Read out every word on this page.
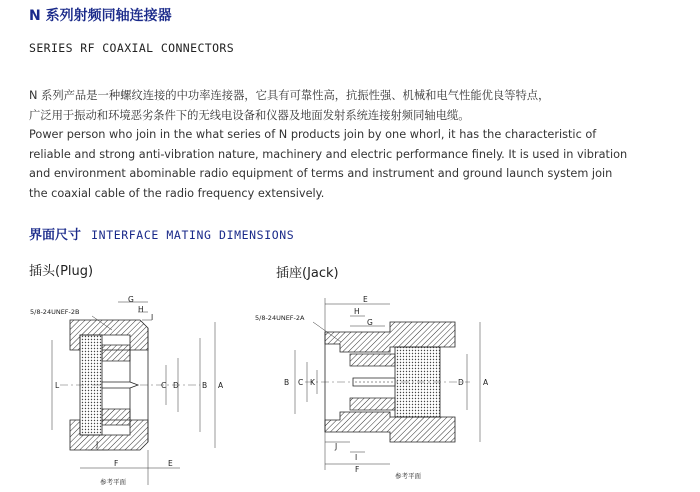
N 系列射频同轴连接器
SERIES RF COAXIAL CONNECTORS
N 系列产品是一种螺纹连接的中功率连接器，它具有可靠性高，抗振性强、机械和电气性能优良等特点，
广泛用于振动和环境恶劣条件下的无线电设备和仪器及地面发射系统连接射频同轴电缆。
Power person who join in the what series of N products join by one whorl, it has the characteristic of
reliable and strong anti-vibration nature, machinery and electric performance finely. It is used in vibration
and environment abominable radio equipment of terms and instrument and ground launch system join
the coaxial cable of the radio frequency extensively.
界面尺寸 INTERFACE MATING DIMENSIONS
插头(Plug)	插座(Jack)
5/8-24UNEF-2B
G
H
I
L	C D	B A
J
F	E
参考平面
5/8-24UNEF-2A
E
H
G
B C K	D	A
J
I
F
参考平面
